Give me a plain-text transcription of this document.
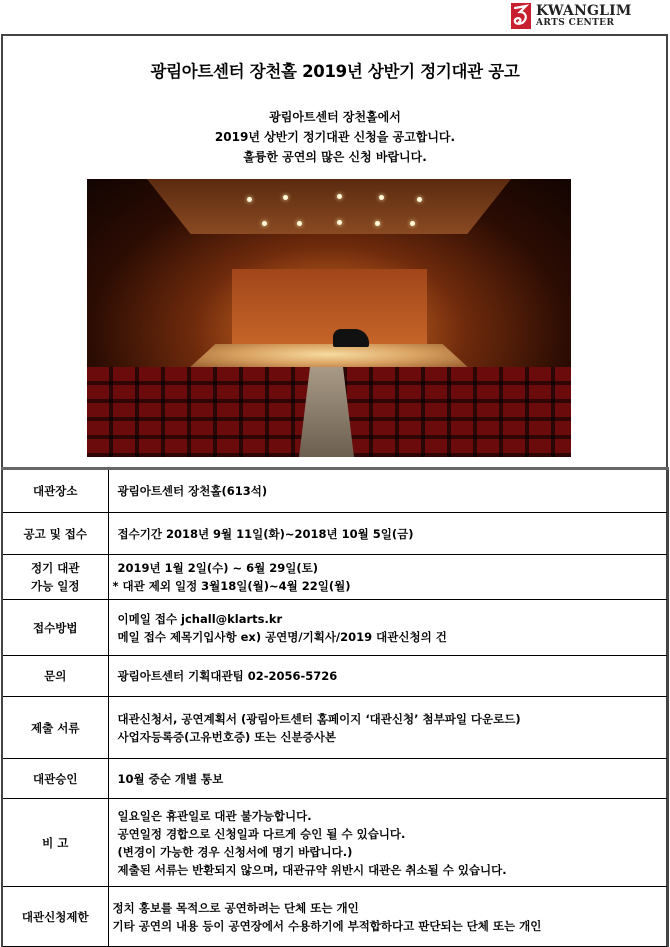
KWANGLIM
ARTS CENTER
광림아트센터 장천홀 2019년 상반기 정기대관 공고
광림아트센터 장천홀에서
2019년 상반기 정기대관 신청을 공고합니다.
훌륭한 공연의 많은 신청 바랍니다.
대관장소	광림아트센터 장천홀(613석)

공고 및 접수	접수기간 2018년 9월 11일(화)~2018년 10월 5일(금)

정기 대관
가능 일정	2019년 1월 2일(수) ~ 6월 29일(토)
* 대관 제외 일정 3월18일(월)~4월 22일(월)

접수방법	이메일 접수 jchall@klarts.kr
메일 접수 제목기입사항 ex) 공연명/기획사/2019 대관신청의 건

문의	광림아트센터 기획대관팀 02-2056-5726

제출 서류	대관신청서, 공연계획서 (광림아트센터 홈페이지 ‘대관신청’ 첨부파일 다운로드)
사업자등록증(고유번호증) 또는 신분증사본

대관승인	10월 중순 개별 통보

비 고	일요일은 휴관일로 대관 불가능합니다.
공연일정 경합으로 신청일과 다르게 승인 될 수 있습니다.
(변경이 가능한 경우 신청서에 명기 바랍니다.)
제출된 서류는 반환되지 않으며, 대관규약 위반시 대관은 취소될 수 있습니다.

대관신청제한	정치 홍보를 목적으로 공연하려는 단체 또는 개인
기타 공연의 내용 등이 공연장에서 수용하기에 부적합하다고 판단되는 단체 또는 개인
